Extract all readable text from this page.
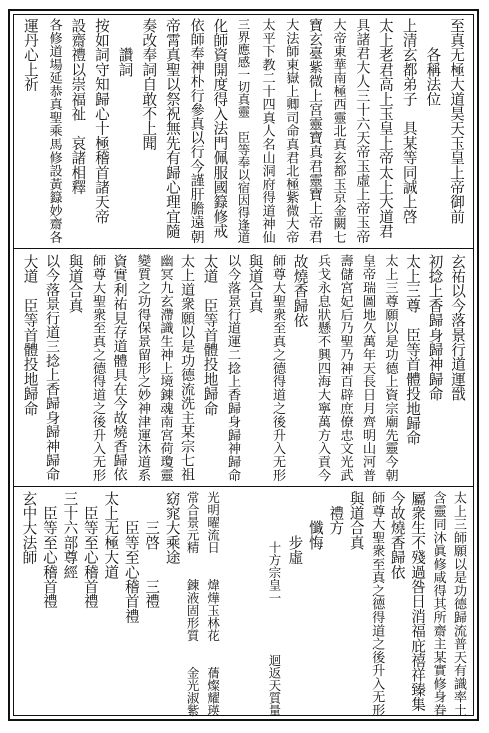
至真无極大道昊天玉皇上帝御前
　　各稱法位
上清玄都弟子　具某等同誠上啓
太上老君高上玉皇上帝太上大道君
具諸君大人三十六天帝玉虛上帝玉帝
大帝東華南極西靈北真玄都玉京金闕七
寶玄臺紫微上宮靈寶真君靈寶上帝君
大法師東嶽上卿司命真君北極紫微大帝
太平下教二十四真人名山洞府得道神仙
三界應感一切真靈　臣等奉以宿因得逢道
化師資開度得入法門佩服國籙修戒
依師奉神朴行參真以行今謹肝膽遠朝
帝霄真聖以祭祝無先有歸心理宜隨
奏改奉詞自敢不上聞
　　讚詞
按如詞守知歸心十極稽首諸天帝
設齋禮以崇福祉　哀諸相釋
各修道場延恭真聖乘馬修設黃籙妙齋各
運丹心上祈
玄祐以今落景行道運戩
初捻上香歸身歸神歸命
太上三尊　臣等首體投地歸命
太上三尊願以是功德上資宗廟先靈今朝
皇帝瑞圖地久萬年天長日月齊明山河普
壽儲宮妃后乃聖乃神百辟庶僚忠文光武
兵戈永息狀懸不興四海大寧萬方入貢今
故燒香歸依
師尊大聖衆至真之德得道之後升入无形
與道合真
以今落景行道運二捻上香歸身歸神歸命
太道　臣等首體投地歸命
太上道衆願以是功德流洗主某宗七祖
幽冥九玄滯識生神上境錬魂南宮荷瓊靈
變質之功得保景留形之妙神津運沐道系
資實利祐見存道體具在今故燒香歸依
師尊大聖衆至真之德得道之後升入无形
與道合真
以今落景行道三捻上香歸身歸神歸命
大道　臣等首體投地歸命
太上三師願以是功德歸流普天有識率土
含靈同沐眞修咸得其所齋主某實修身眷
屬衆生不殘過咎日消福庇禧祥臻集
今故燒香歸依
師尊大聖衆至真之德得道之後升入无形
與道合真
　禮方
　　懺悔
　　　步虛
　　　　十方宗皇一　　　　迴返天質量

光明曜流日　　煒燁玉林花　　蒨燦耀瑛
常合景元精　　錬液固形質　　金光淑紫
窈窕大乘途
　　三啓　　三禮
　　臣等至心稽首禮
太上无極大道
　臣等至心稽首禮
三十六部尊經
　臣等至心稽首禮
玄中大法師
